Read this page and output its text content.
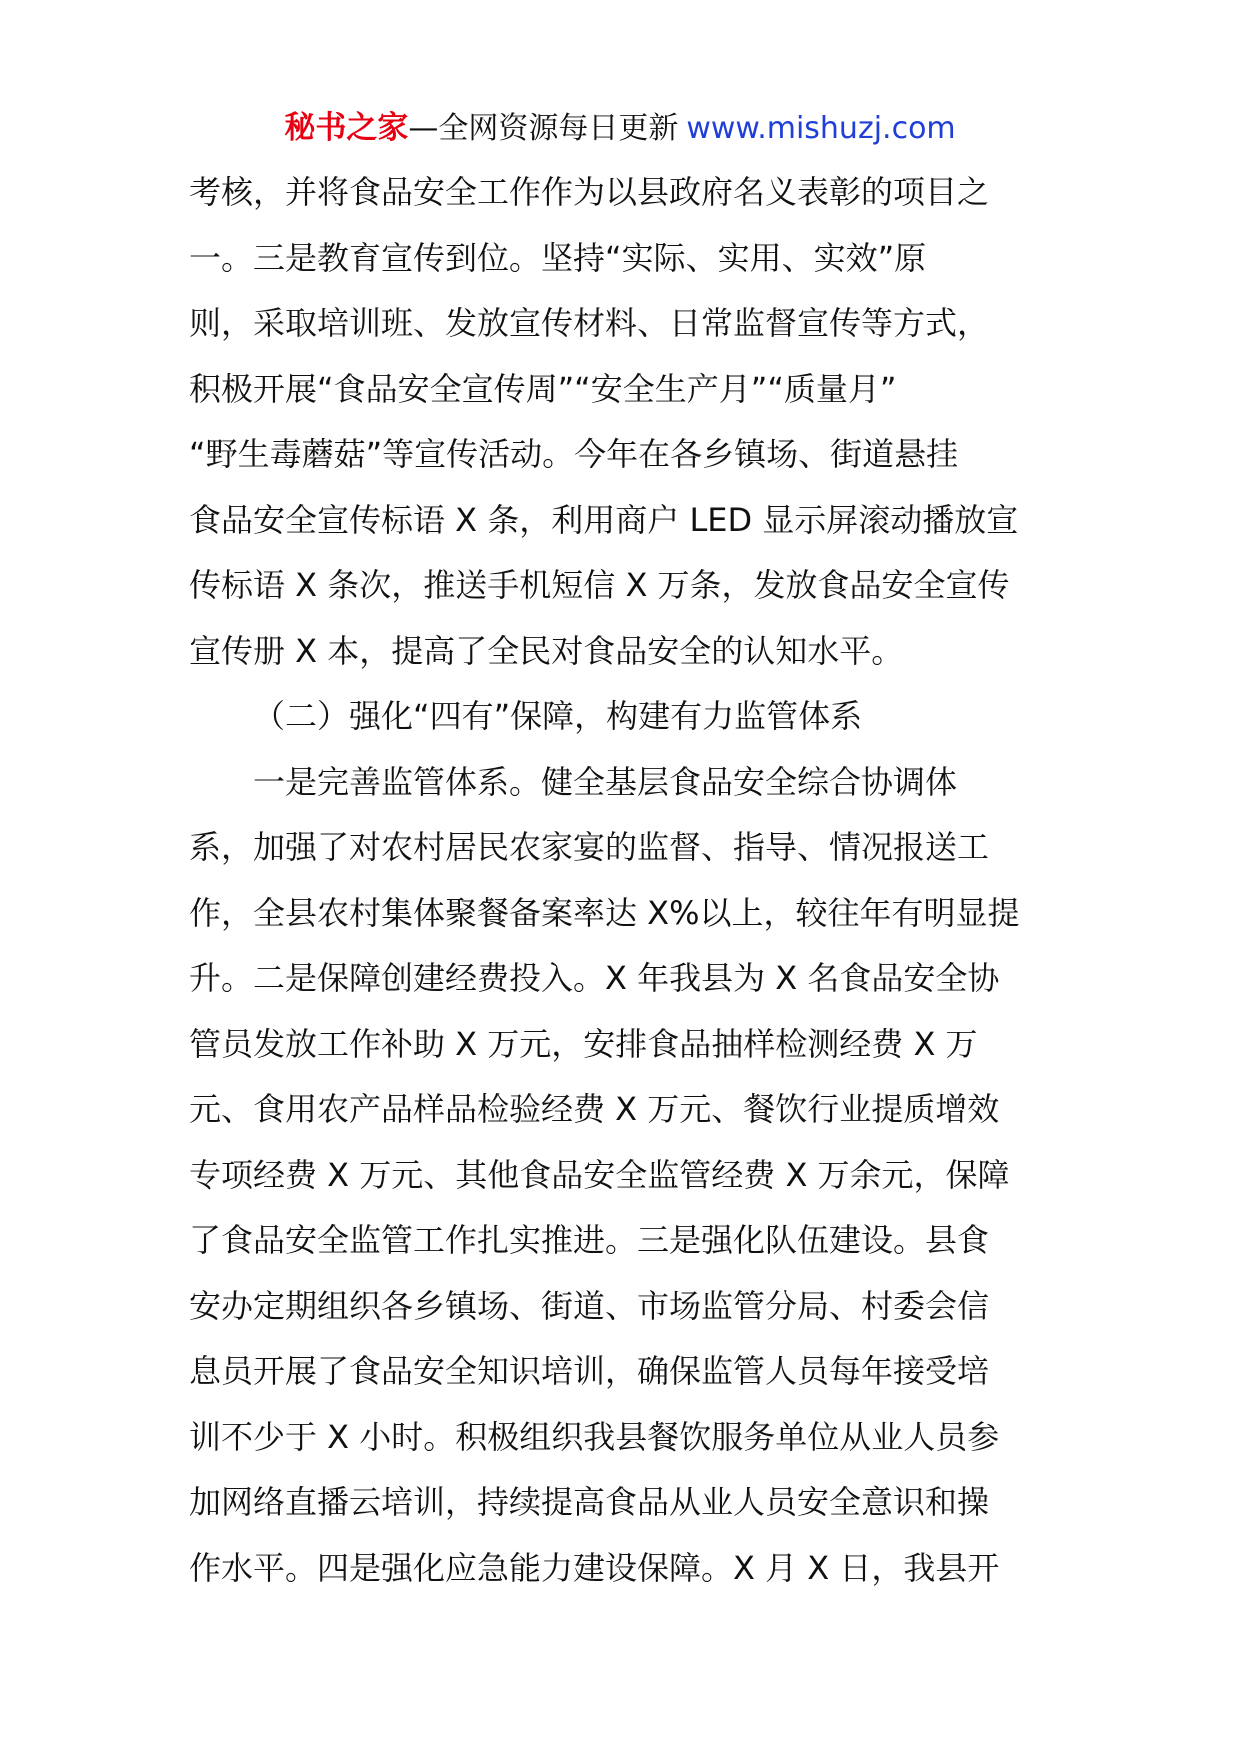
秘书之家—全网资源每日更新 www.mishuzj.com
考核，并将食品安全工作作为以县政府名义表彰的项目之
一。三是教育宣传到位。坚持“实际、实用、实效”原
则，采取培训班、发放宣传材料、日常监督宣传等方式，
积极开展“食品安全宣传周”“安全生产月”“质量月”
“野生毒蘑菇”等宣传活动。今年在各乡镇场、街道悬挂
食品安全宣传标语 X 条，利用商户 LED 显示屏滚动播放宣
传标语 X 条次，推送手机短信 X 万条，发放食品安全宣传
宣传册 X 本，提高了全民对食品安全的认知水平。
（二）强化“四有”保障，构建有力监管体系
一是完善监管体系。健全基层食品安全综合协调体
系，加强了对农村居民农家宴的监督、指导、情况报送工
作，全县农村集体聚餐备案率达 X%以上，较往年有明显提
升。二是保障创建经费投入。X 年我县为 X 名食品安全协
管员发放工作补助 X 万元，安排食品抽样检测经费 X 万
元、食用农产品样品检验经费 X 万元、餐饮行业提质增效
专项经费 X 万元、其他食品安全监管经费 X 万余元，保障
了食品安全监管工作扎实推进。三是强化队伍建设。县食
安办定期组织各乡镇场、街道、市场监管分局、村委会信
息员开展了食品安全知识培训，确保监管人员每年接受培
训不少于 X 小时。积极组织我县餐饮服务单位从业人员参
加网络直播云培训，持续提高食品从业人员安全意识和操
作水平。四是强化应急能力建设保障。X 月 X 日，我县开
